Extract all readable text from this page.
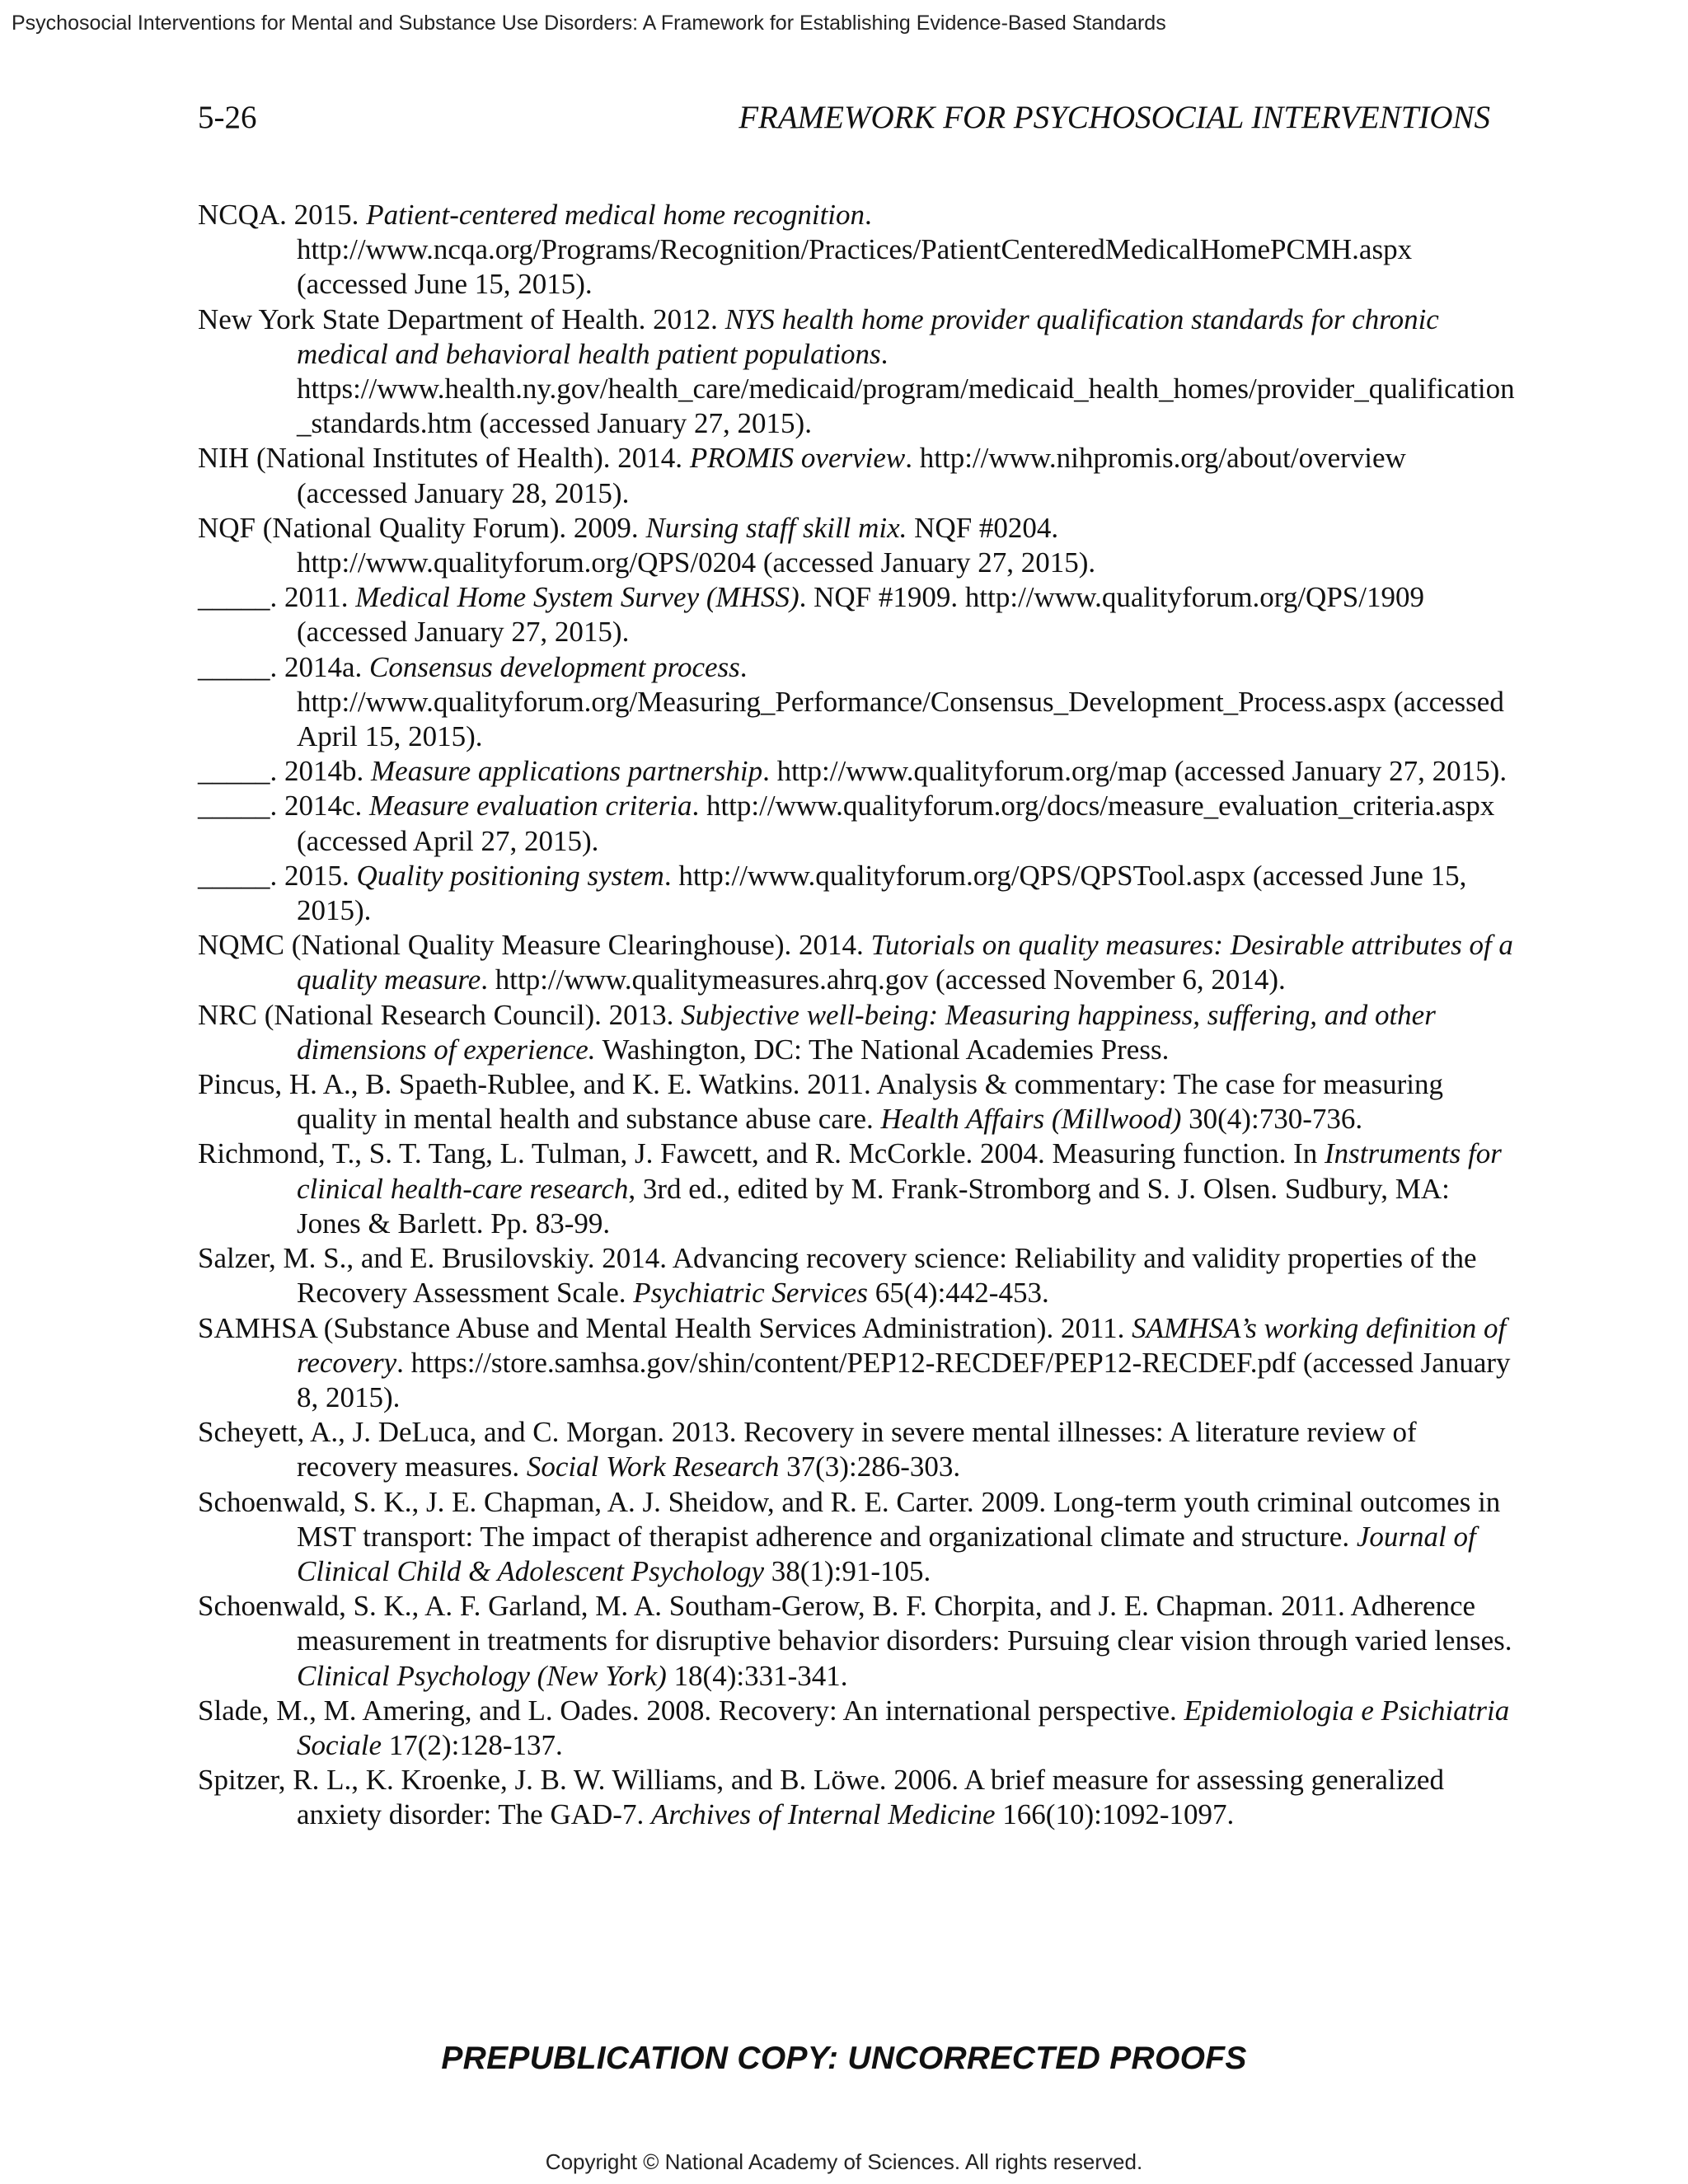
Psychosocial Interventions for Mental and Substance Use Disorders: A Framework for Establishing Evidence-Based Standards
5-26	FRAMEWORK FOR PSYCHOSOCIAL INTERVENTIONS

NCQA. 2015. Patient-centered medical home recognition. http://www.ncqa.org/Programs/Recognition/Practices/PatientCenteredMedicalHomePCMH.aspx (accessed June 15, 2015).

New York State Department of Health. 2012. NYS health home provider qualification standards for chronic medical and behavioral health patient populations. https://www.health.ny.gov/health_care/medicaid/program/medicaid_health_homes/provider_qualification_standards.htm (accessed January 27, 2015).

NIH (National Institutes of Health). 2014. PROMIS overview. http://www.nihpromis.org/about/overview (accessed January 28, 2015).

NQF (National Quality Forum). 2009. Nursing staff skill mix. NQF #0204. http://www.qualityforum.org/QPS/0204 (accessed January 27, 2015).

_____. 2011. Medical Home System Survey (MHSS). NQF #1909. http://www.qualityforum.org/QPS/1909 (accessed January 27, 2015).

_____. 2014a. Consensus development process. http://www.qualityforum.org/Measuring_Performance/Consensus_Development_Process.aspx (accessed April 15, 2015).

_____. 2014b. Measure applications partnership. http://www.qualityforum.org/map (accessed January 27, 2015).

_____. 2014c. Measure evaluation criteria. http://www.qualityforum.org/docs/measure_evaluation_criteria.aspx (accessed April 27, 2015).

_____. 2015. Quality positioning system. http://www.qualityforum.org/QPS/QPSTool.aspx (accessed June 15, 2015).

NQMC (National Quality Measure Clearinghouse). 2014. Tutorials on quality measures: Desirable attributes of a quality measure. http://www.qualitymeasures.ahrq.gov (accessed November 6, 2014).

NRC (National Research Council). 2013. Subjective well-being: Measuring happiness, suffering, and other dimensions of experience. Washington, DC: The National Academies Press.

Pincus, H. A., B. Spaeth-Rublee, and K. E. Watkins. 2011. Analysis & commentary: The case for measuring quality in mental health and substance abuse care. Health Affairs (Millwood) 30(4):730-736.

Richmond, T., S. T. Tang, L. Tulman, J. Fawcett, and R. McCorkle. 2004. Measuring function. In Instruments for clinical health-care research, 3rd ed., edited by M. Frank-Stromborg and S. J. Olsen. Sudbury, MA: Jones & Barlett. Pp. 83-99.

Salzer, M. S., and E. Brusilovskiy. 2014. Advancing recovery science: Reliability and validity properties of the Recovery Assessment Scale. Psychiatric Services 65(4):442-453.

SAMHSA (Substance Abuse and Mental Health Services Administration). 2011. SAMHSA’s working definition of recovery. https://store.samhsa.gov/shin/content/PEP12-RECDEF/PEP12-RECDEF.pdf (accessed January 8, 2015).

Scheyett, A., J. DeLuca, and C. Morgan. 2013. Recovery in severe mental illnesses: A literature review of recovery measures. Social Work Research 37(3):286-303.

Schoenwald, S. K., J. E. Chapman, A. J. Sheidow, and R. E. Carter. 2009. Long-term youth criminal outcomes in MST transport: The impact of therapist adherence and organizational climate and structure. Journal of Clinical Child & Adolescent Psychology 38(1):91-105.

Schoenwald, S. K., A. F. Garland, M. A. Southam-Gerow, B. F. Chorpita, and J. E. Chapman. 2011. Adherence measurement in treatments for disruptive behavior disorders: Pursuing clear vision through varied lenses. Clinical Psychology (New York) 18(4):331-341.

Slade, M., M. Amering, and L. Oades. 2008. Recovery: An international perspective. Epidemiologia e Psichiatria Sociale 17(2):128-137.

Spitzer, R. L., K. Kroenke, J. B. W. Williams, and B. Löwe. 2006. A brief measure for assessing generalized anxiety disorder: The GAD-7. Archives of Internal Medicine 166(10):1092-1097.

PREPUBLICATION COPY: UNCORRECTED PROOFS
Copyright © National Academy of Sciences. All rights reserved.
